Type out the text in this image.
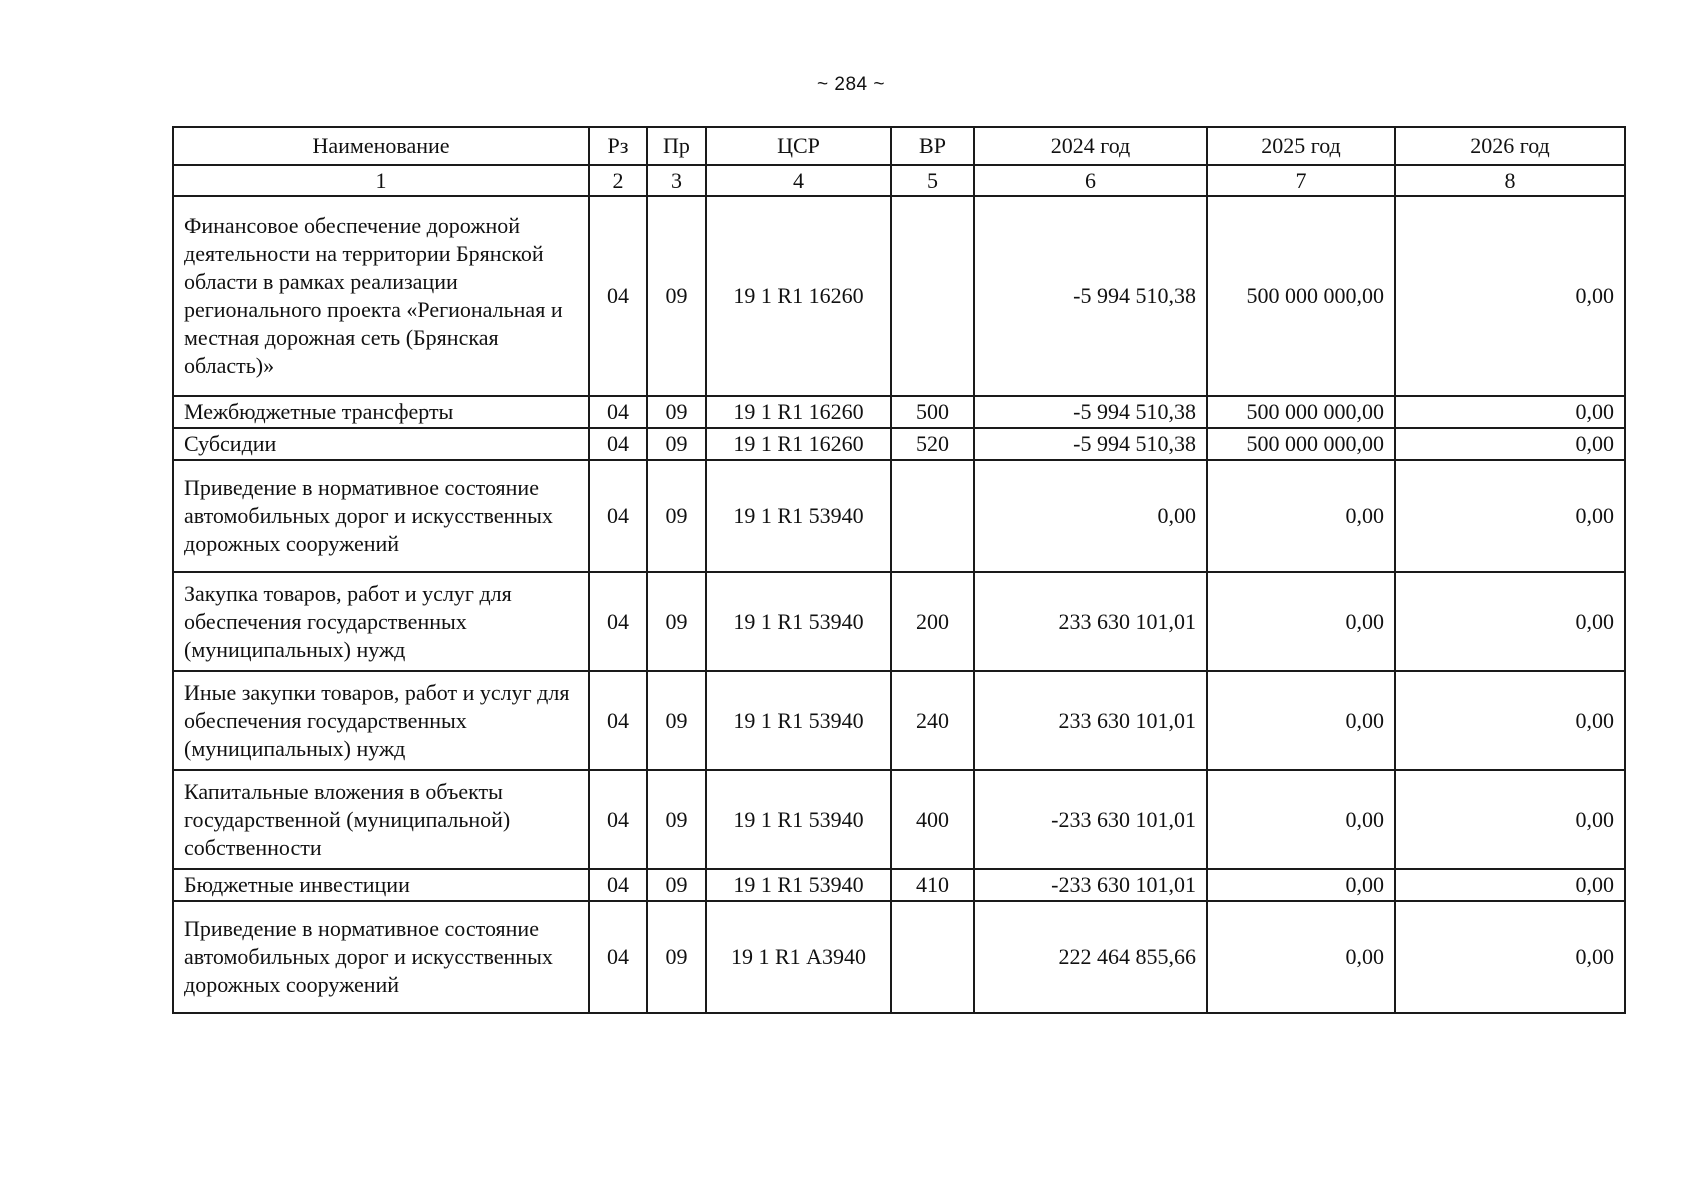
~ 284 ~
Наименование	Рз	Пр	ЦСР	ВР	2024 год	2025 год	2026 год
1	2	3	4	5	6	7	8
Финансовое обеспечение дорожной деятельности на территории Брянской области в рамках реализации регионального проекта «Региональная и местная дорожная сеть (Брянская область)»	04	09	19 1 R1 16260		-5 994 510,38	500 000 000,00	0,00
Межбюджетные трансферты	04	09	19 1 R1 16260	500	-5 994 510,38	500 000 000,00	0,00
Субсидии	04	09	19 1 R1 16260	520	-5 994 510,38	500 000 000,00	0,00
Приведение в нормативное состояние автомобильных дорог и искусственных дорожных сооружений	04	09	19 1 R1 53940		0,00	0,00	0,00
Закупка товаров, работ и услуг для обеспечения государственных (муниципальных) нужд	04	09	19 1 R1 53940	200	233 630 101,01	0,00	0,00
Иные закупки товаров, работ и услуг для обеспечения государственных (муниципальных) нужд	04	09	19 1 R1 53940	240	233 630 101,01	0,00	0,00
Капитальные вложения в объекты государственной (муниципальной) собственности	04	09	19 1 R1 53940	400	-233 630 101,01	0,00	0,00
Бюджетные инвестиции	04	09	19 1 R1 53940	410	-233 630 101,01	0,00	0,00
Приведение в нормативное состояние автомобильных дорог и искусственных дорожных сооружений	04	09	19 1 R1 А3940		222 464 855,66	0,00	0,00
